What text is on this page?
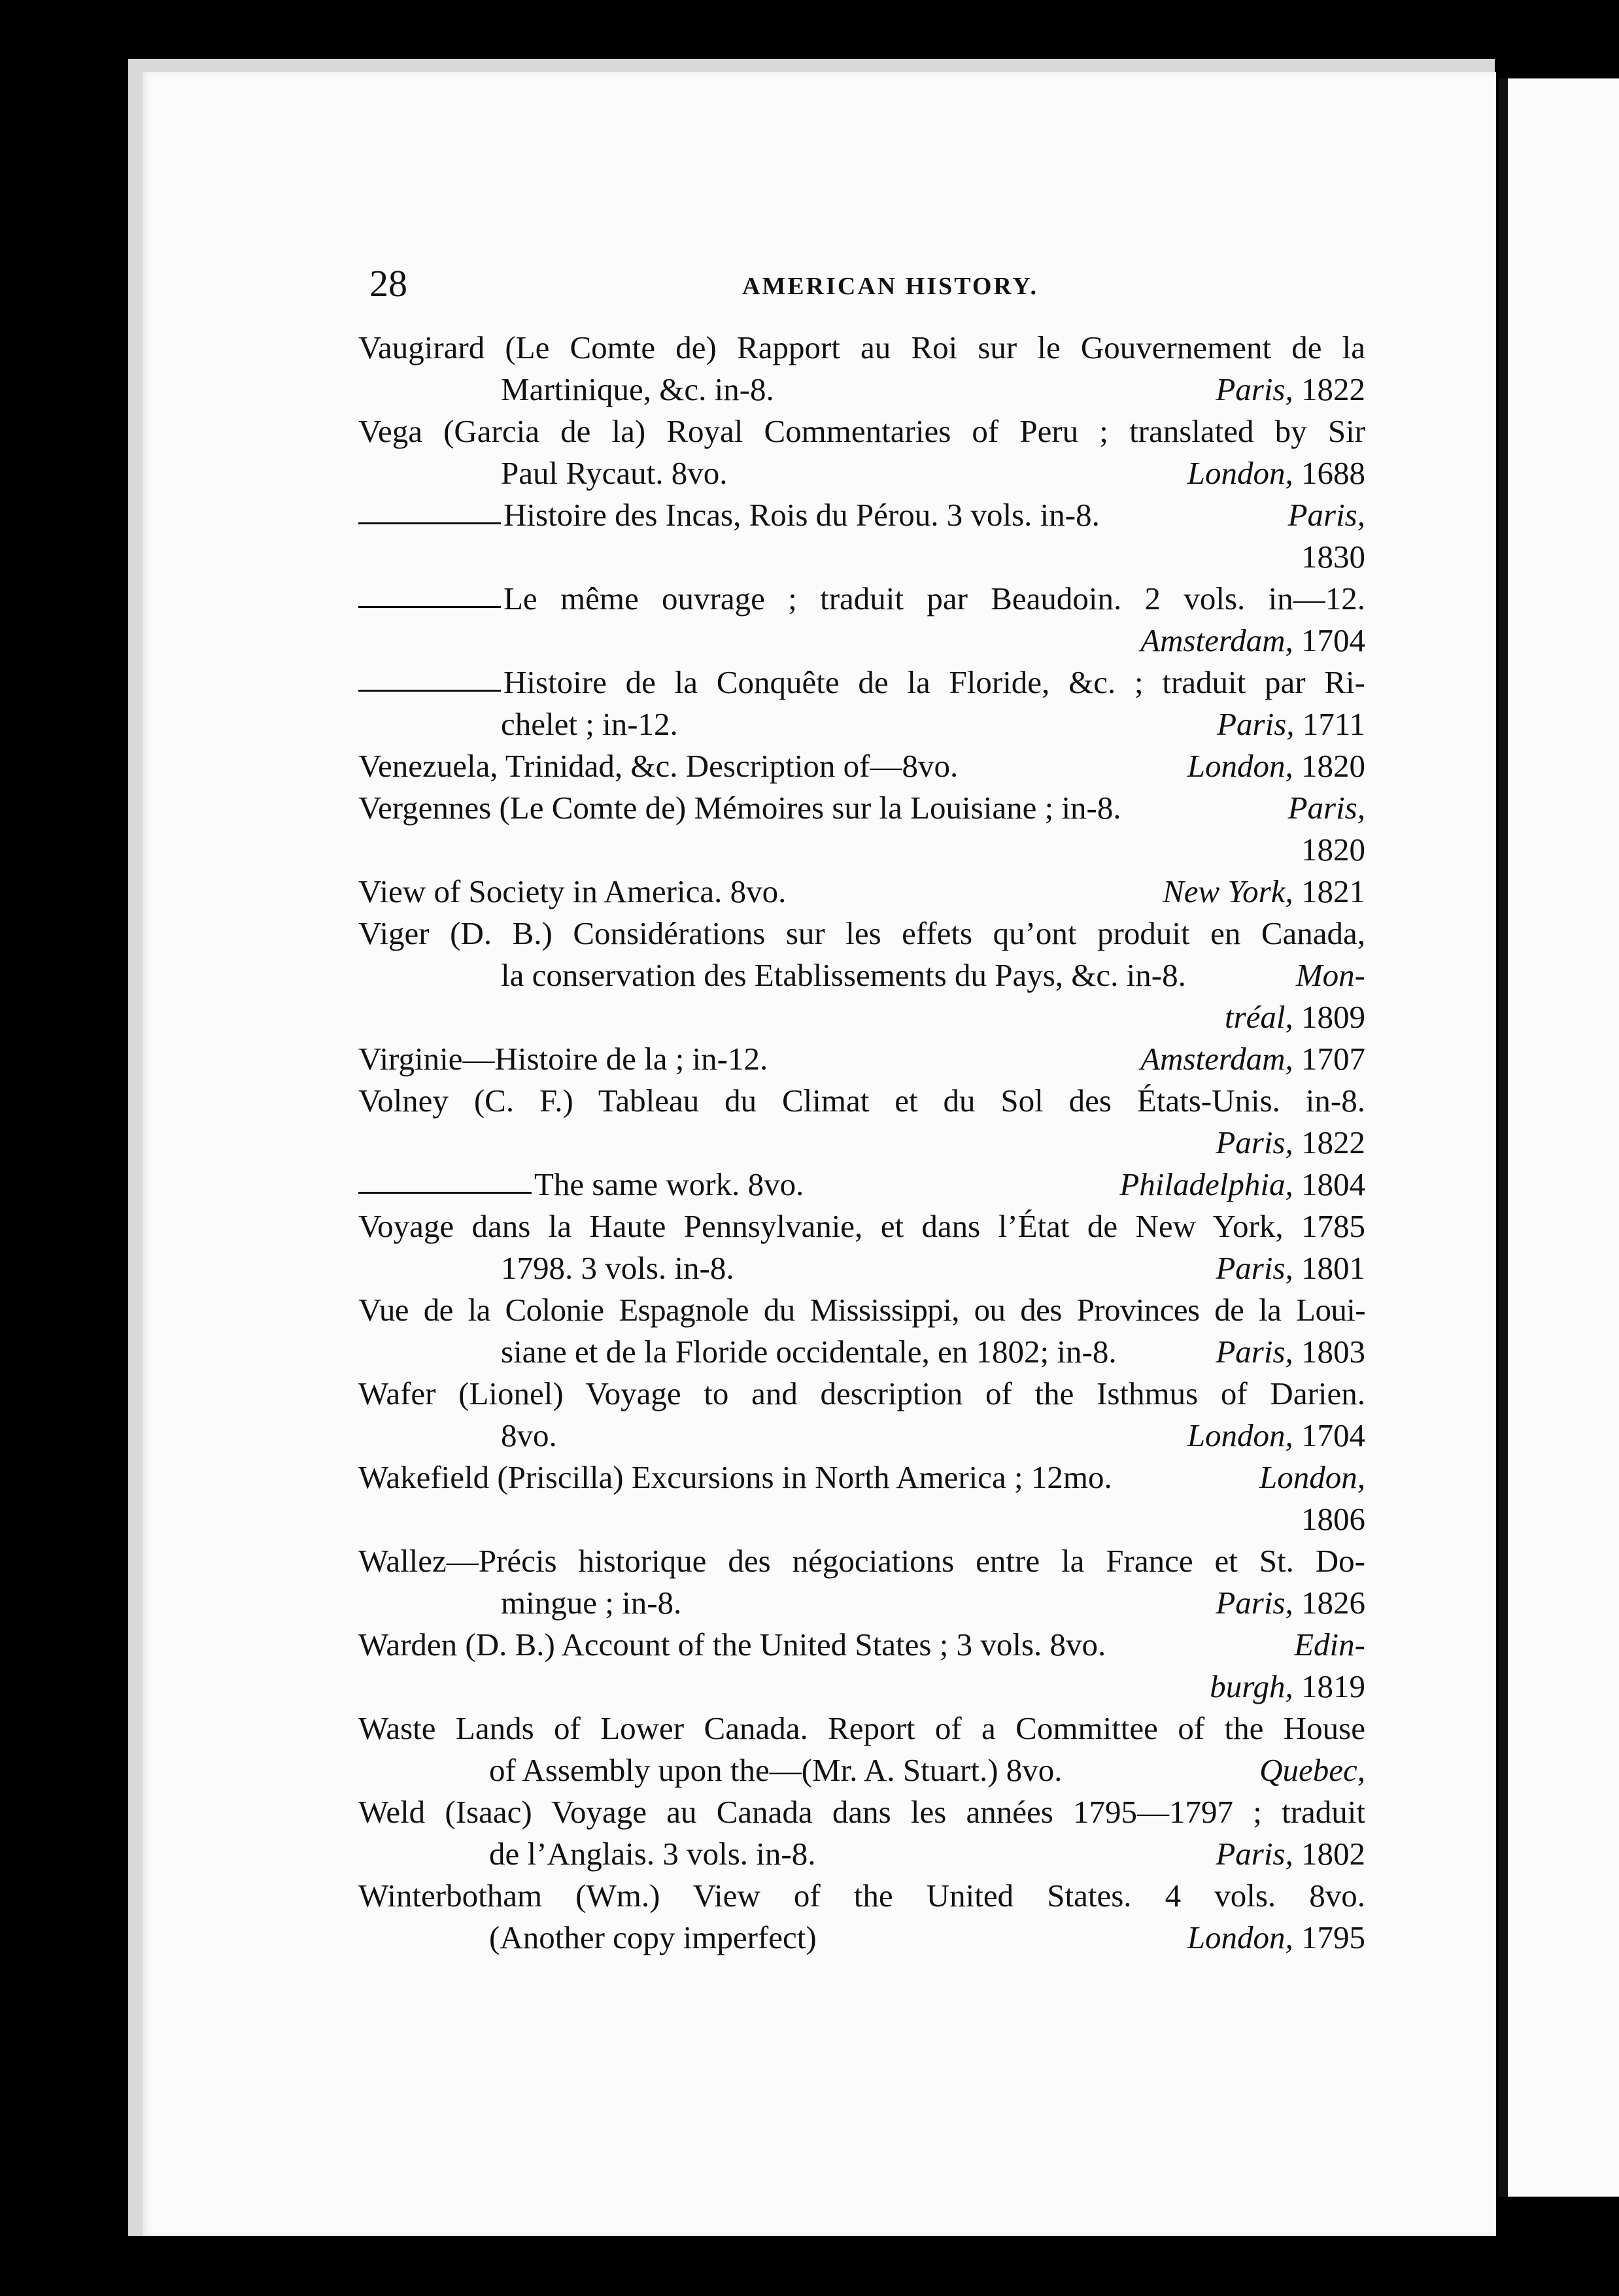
28	AMERICAN HISTORY.
Vaugirard (Le Comte de) Rapport au Roi sur le Gouvernement de la
Martinique, &c. in-8.	Paris, 1822
Vega (Garcia de la) Royal Commentaries of Peru ; translated by Sir
Paul Rycaut. 8vo.	London, 1688
Histoire des Incas, Rois du Pérou. 3 vols. in-8.	Paris,
1830
Le même ouvrage ; traduit par Beaudoin. 2 vols. in—12.
Amsterdam, 1704
Histoire de la Conquête de la Floride, &c. ; traduit par Ri-
chelet ; in-12.	Paris, 1711
Venezuela, Trinidad, &c. Description of—8vo.	London, 1820
Vergennes (Le Comte de) Mémoires sur la Louisiane ; in-8.	Paris,
1820
View of Society in America. 8vo.	New York, 1821
Viger (D. B.) Considérations sur les effets qu’ont produit en Canada,
la conservation des Etablissements du Pays, &c. in-8.	Mon-
tréal, 1809
Virginie—Histoire de la ; in-12.	Amsterdam, 1707
Volney (C. F.) Tableau du Climat et du Sol des États-Unis. in-8.
Paris, 1822
The same work. 8vo.	Philadelphia, 1804
Voyage dans la Haute Pennsylvanie, et dans l’État de New York, 1785
1798. 3 vols. in-8.	Paris, 1801
Vue de la Colonie Espagnole du Mississippi, ou des Provinces de la Loui-
siane et de la Floride occidentale, en 1802; in-8.	Paris, 1803
Wafer (Lionel) Voyage to and description of the Isthmus of Darien.
8vo.	London, 1704
Wakefield (Priscilla) Excursions in North America ; 12mo.	London,
1806
Wallez—Précis historique des négociations entre la France et St. Do-
mingue ; in-8.	Paris, 1826
Warden (D. B.) Account of the United States ; 3 vols. 8vo.	Edin-
burgh, 1819
Waste Lands of Lower Canada. Report of a Committee of the House
of Assembly upon the—(Mr. A. Stuart.) 8vo.	Quebec,
Weld (Isaac) Voyage au Canada dans les années 1795—1797 ; traduit
de l’Anglais. 3 vols. in-8.	Paris, 1802
Winterbotham (Wm.) View of the United States. 4 vols. 8vo.
(Another copy imperfect)	London, 1795
